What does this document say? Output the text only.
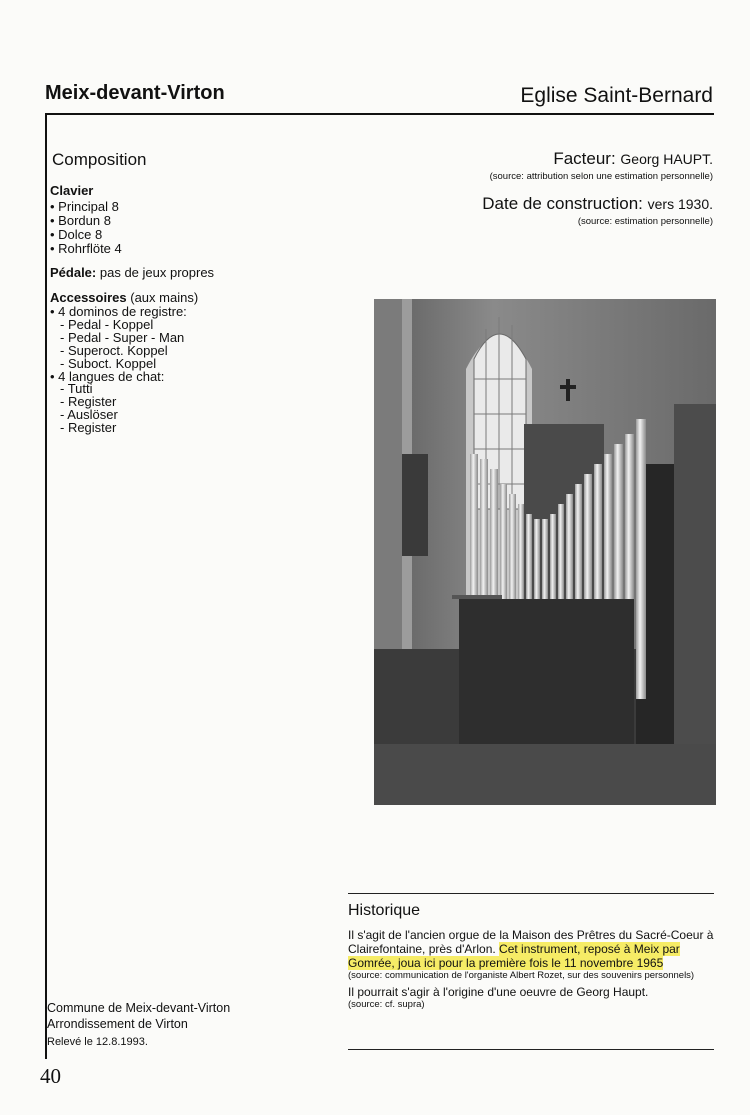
Meix-devant-Virton	Eglise Saint-Bernard
Composition
Clavier
• Principal 8
• Bordun 8
• Dolce 8
• Rohrflöte 4
Pédale: pas de jeux propres
Accessoires (aux mains)
• 4 dominos de registre:
- Pedal - Koppel
- Pedal - Super - Man
- Superoct. Koppel
- Suboct. Koppel
• 4 langues de chat:
- Tutti
- Register
- Auslöser
- Register
Facteur: Georg HAUPT.
(source: attribution selon une estimation personnelle)
Date de construction: vers 1930.
(source: estimation personnelle)
Historique

Il s'agit de l'ancien orgue de la Maison des Prêtres du Sacré-Coeur à Clairefontaine, près d'Arlon. Cet instrument, reposé à Meix par Gomrée, joua ici pour la première fois le 11 novembre 1965

(source: communication de l'organiste Albert Rozet, sur des souvenirs personnels)

Il pourrait s'agir à l'origine d'une oeuvre de Georg Haupt.

(source: cf. supra)

Commune de Meix-devant-Virton
Arrondissement de Virton
Relevé le 12.8.1993.
40
